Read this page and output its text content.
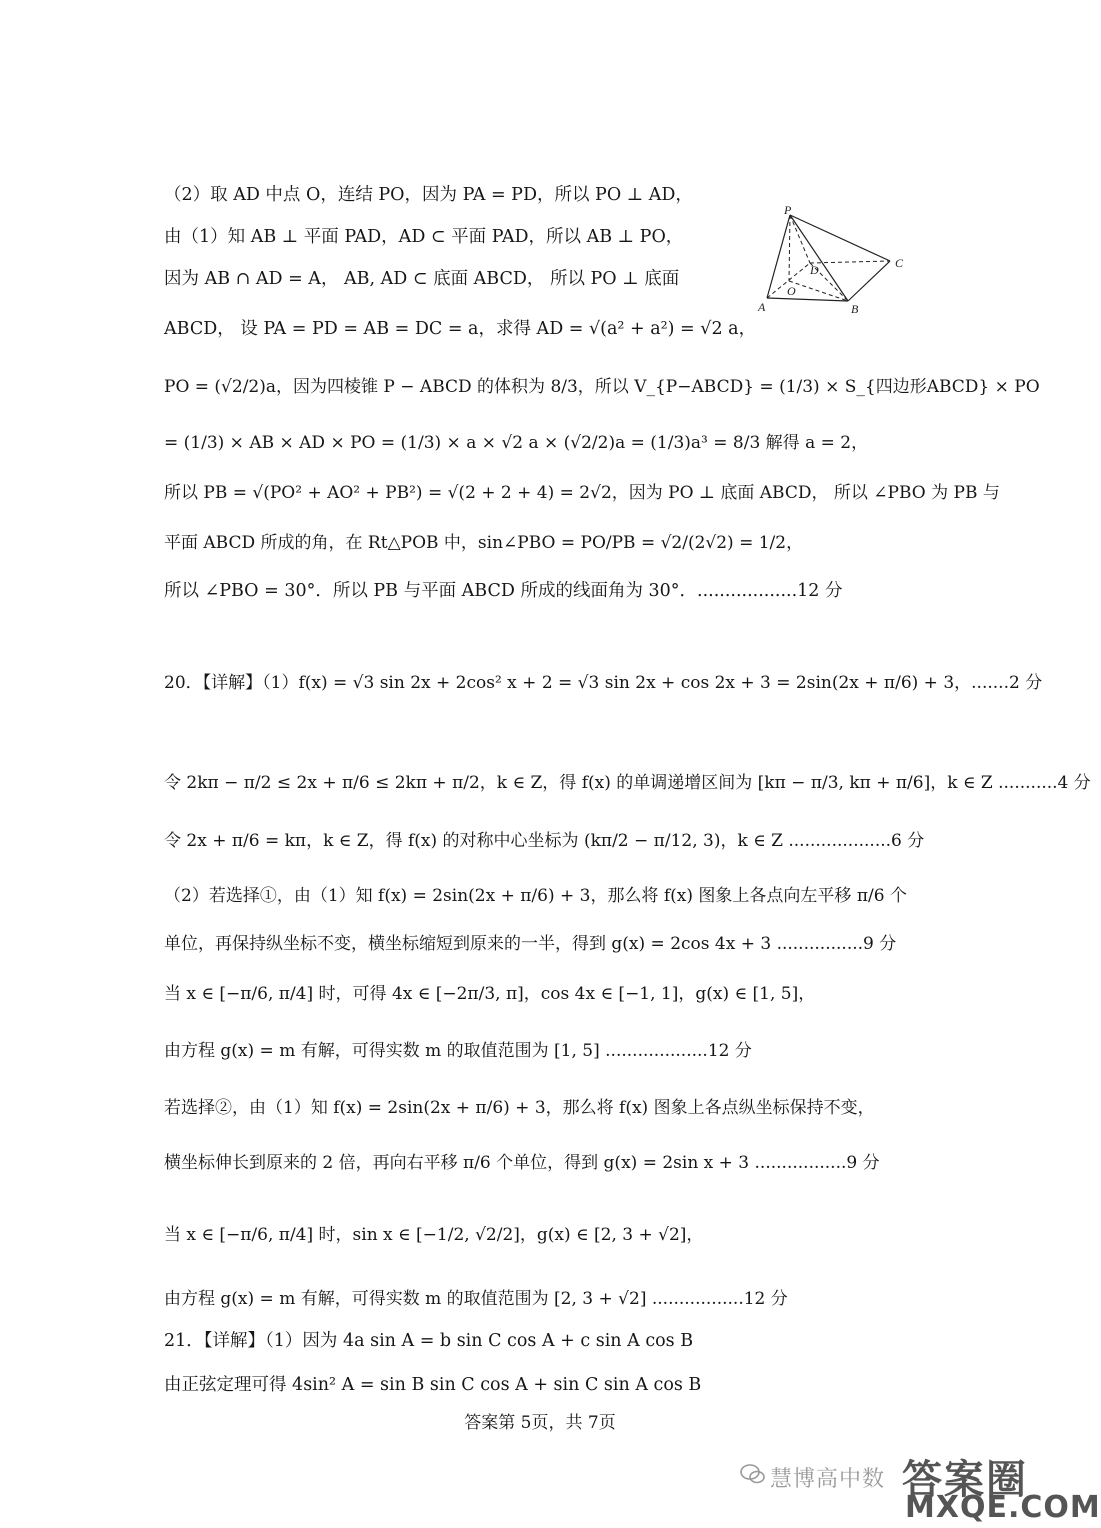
（2）取 AD 中点 O，连结 PO，因为 PA = PD，所以 PO ⊥ AD，
由（1）知 AB ⊥ 平面 PAD，AD ⊂ 平面 PAD，所以 AB ⊥ PO，
因为 AB ∩ AD = A， AB, AD ⊂ 底面 ABCD， 所以 PO ⊥ 底面
ABCD， 设 PA = PD = AB = DC = a，求得 AD = √(a² + a²) = √2 a，
PO = (√2/2)a，因为四棱锥 P − ABCD 的体积为 8/3，所以 V_{P−ABCD} = (1/3) × S_{四边形ABCD} × PO
= (1/3) × AB × AD × PO = (1/3) × a × √2 a × (√2/2)a = (1/3)a³ = 8/3 解得 a = 2，
所以 PB = √(PO² + AO² + PB²) = √(2 + 2 + 4) = 2√2，因为 PO ⊥ 底面 ABCD， 所以 ∠PBO 为 PB 与
平面 ABCD 所成的角，在 Rt△POB 中，sin∠PBO = PO/PB = √2/(2√2) = 1/2，
所以 ∠PBO = 30°．所以 PB 与平面 ABCD 所成的线面角为 30°．..................12 分
20．【详解】（1）f(x) = √3 sin 2x + 2cos² x + 2 = √3 sin 2x + cos 2x + 3 = 2sin(2x + π/6) + 3，.......2 分
令 2kπ − π/2 ≤ 2x + π/6 ≤ 2kπ + π/2，k ∈ Z，得 f(x) 的单调递增区间为 [kπ − π/3, kπ + π/6]，k ∈ Z ...........4 分
令 2x + π/6 = kπ，k ∈ Z，得 f(x) 的对称中心坐标为 (kπ/2 − π/12, 3)，k ∈ Z ...................6 分
（2）若选择①，由（1）知 f(x) = 2sin(2x + π/6) + 3，那么将 f(x) 图象上各点向左平移 π/6 个
单位，再保持纵坐标不变，横坐标缩短到原来的一半，得到 g(x) = 2cos 4x + 3 ................9 分
当 x ∈ [−π/6, π/4] 时，可得 4x ∈ [−2π/3, π]，cos 4x ∈ [−1, 1]，g(x) ∈ [1, 5]，
由方程 g(x) = m 有解，可得实数 m 的取值范围为 [1, 5] ...................12 分
若选择②，由（1）知 f(x) = 2sin(2x + π/6) + 3，那么将 f(x) 图象上各点纵坐标保持不变，
横坐标伸长到原来的 2 倍，再向右平移 π/6 个单位，得到 g(x) = 2sin x + 3 .................9 分
当 x ∈ [−π/6, π/4] 时，sin x ∈ [−1/2, √2/2]，g(x) ∈ [2, 3 + √2]，
由方程 g(x) = m 有解，可得实数 m 的取值范围为 [2, 3 + √2] .................12 分
21．【详解】（1）因为 4a sin A = b sin C cos A + c sin A cos B
由正弦定理可得 4sin² A = sin B sin C cos A + sin C sin A cos B
P
D	C
O
A	B
答案第 5页，共 7页
慧博高中数 答案圈
MXQE.COM
